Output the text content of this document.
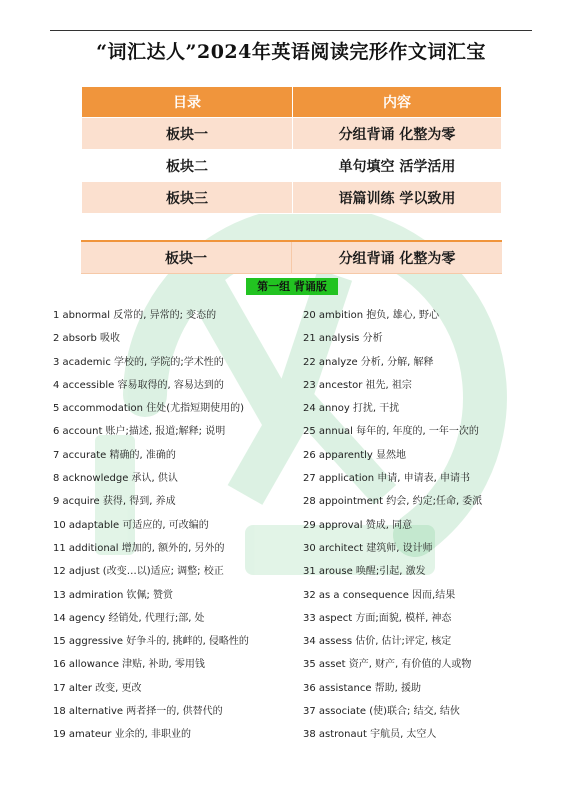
“词汇达人”2024年英语阅读完形作文词汇宝
目录	内容
板块一	分组背诵 化整为零
板块二	单句填空 活学活用
板块三	语篇训练 学以致用
板块一	分组背诵 化整为零
第一组 背诵版
1 abnormal 反常的, 异常的; 变态的
2 absorb 吸收
3 academic 学校的, 学院的;学术性的
4 accessible 容易取得的, 容易达到的
5 accommodation 住处(尤指短期使用的)
6 account 账户;描述, 报道;解释; 说明
7 accurate 精确的, 准确的
8 acknowledge 承认, 供认
9 acquire 获得, 得到, 养成
10 adaptable 可适应的, 可改编的
11 additional 增加的, 额外的, 另外的
12 adjust (改变…以)适应; 调整; 校正
13 admiration 钦佩; 赞赏
14 agency 经销处, 代理行;部, 处
15 aggressive 好争斗的, 挑衅的, 侵略性的
16 allowance 津贴, 补助, 零用钱
17 alter 改变, 更改
18 alternative 两者择一的, 供替代的
19 amateur 业余的, 非职业的
20 ambition 抱负, 雄心, 野心
21 analysis 分析
22 analyze 分析, 分解, 解释
23 ancestor 祖先, 祖宗
24 annoy 打扰, 干扰
25 annual 每年的, 年度的, 一年一次的
26 apparently 显然地
27 application 申请, 申请表, 申请书
28 appointment 约会, 约定;任命, 委派
29 approval 赞成, 同意
30 architect 建筑师, 设计师
31 arouse 唤醒;引起, 激发
32 as a consequence 因而,结果
33 aspect 方面;面貌, 模样, 神态
34 assess 估价, 估计;评定, 核定
35 asset 资产, 财产, 有价值的人或物
36 assistance 帮助, 援助
37 associate (使)联合; 结交, 结伙
38 astronaut 宇航员, 太空人
